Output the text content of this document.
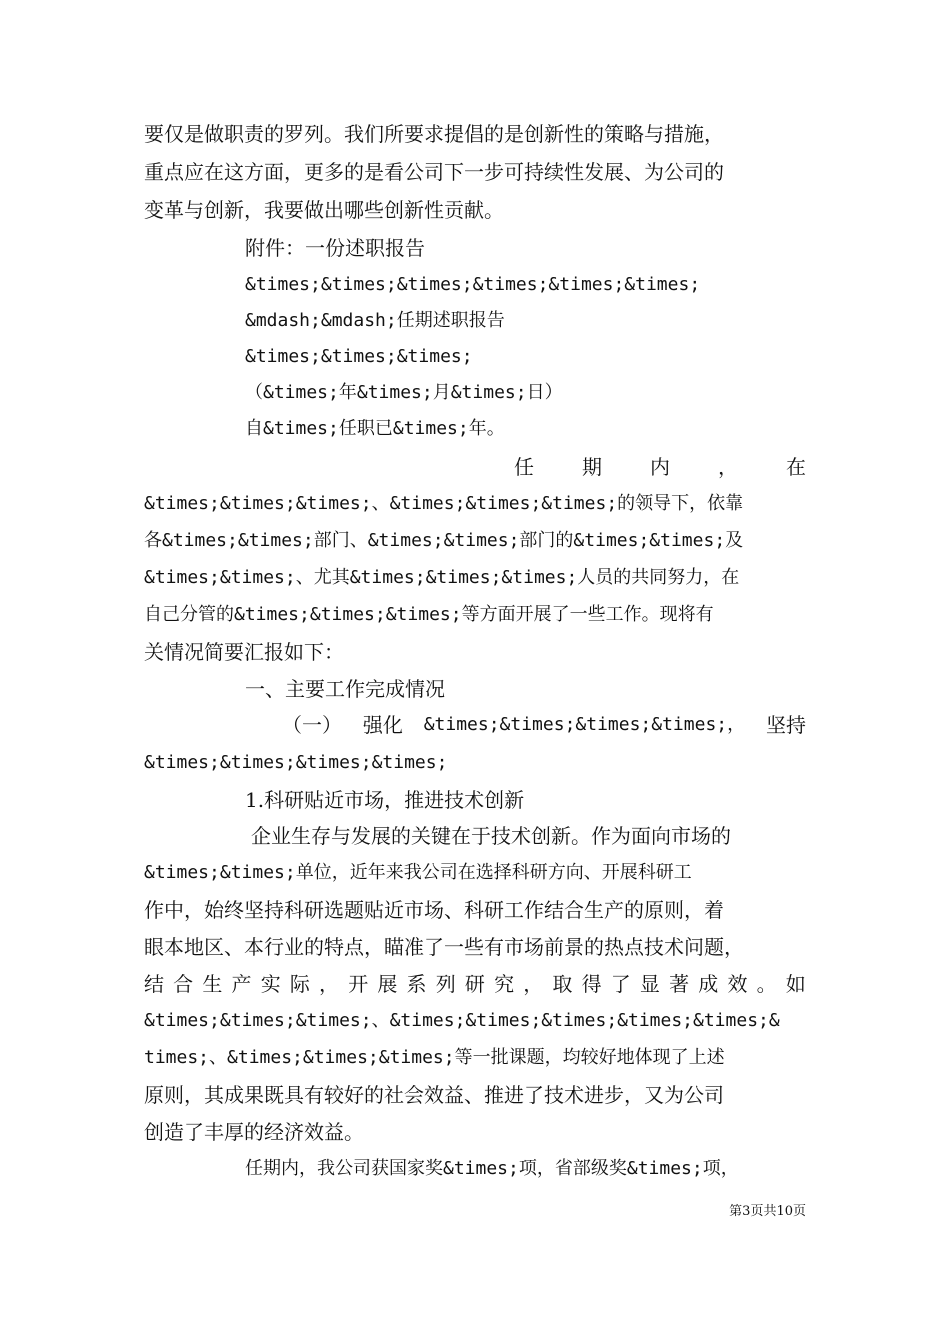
要仅是做职责的罗列。我们所要求提倡的是创新性的策略与措施，
重点应在这方面，更多的是看公司下一步可持续性发展、为公司的
变革与创新，我要做出哪些创新性贡献。
附件：一份述职报告
&times;&times;&times;&times;&times;&times;
&mdash;&mdash;任期述职报告
&times;&times;&times;
（&times;年&times;月&times;日）
自&times;任职已&times;年。
任 期 内 ， 在
&times;&times;&times;、&times;&times;&times;的领导下，依靠
各&times;&times;部门、&times;&times;部门的&times;&times;及
&times;&times;、尤其&times;&times;&times;人员的共同努力，在
自己分管的&times;&times;&times;等方面开展了一些工作。现将有
关情况简要汇报如下：
一、主要工作完成情况
（一） 强化 &times;&times;&times;&times;， 坚持
&times;&times;&times;&times;
1.科研贴近市场，推进技术创新
企业生存与发展的关键在于技术创新。作为面向市场的
&times;&times;单位，近年来我公司在选择科研方向、开展科研工
作中，始终坚持科研选题贴近市场、科研工作结合生产的原则，着
眼本地区、本行业的特点，瞄准了一些有市场前景的热点技术问题，
结 合 生 产 实 际 ， 开 展 系 列 研 究 ， 取 得 了 显 著 成 效 。 如
&times;&times;&times;、&times;&times;&times;&times;&times;&
times;、&times;&times;&times;等一批课题，均较好地体现了上述
原则，其成果既具有较好的社会效益、推进了技术进步，又为公司
创造了丰厚的经济效益。
任期内，我公司获国家奖&times;项，省部级奖&times;项，
第3页共10页
